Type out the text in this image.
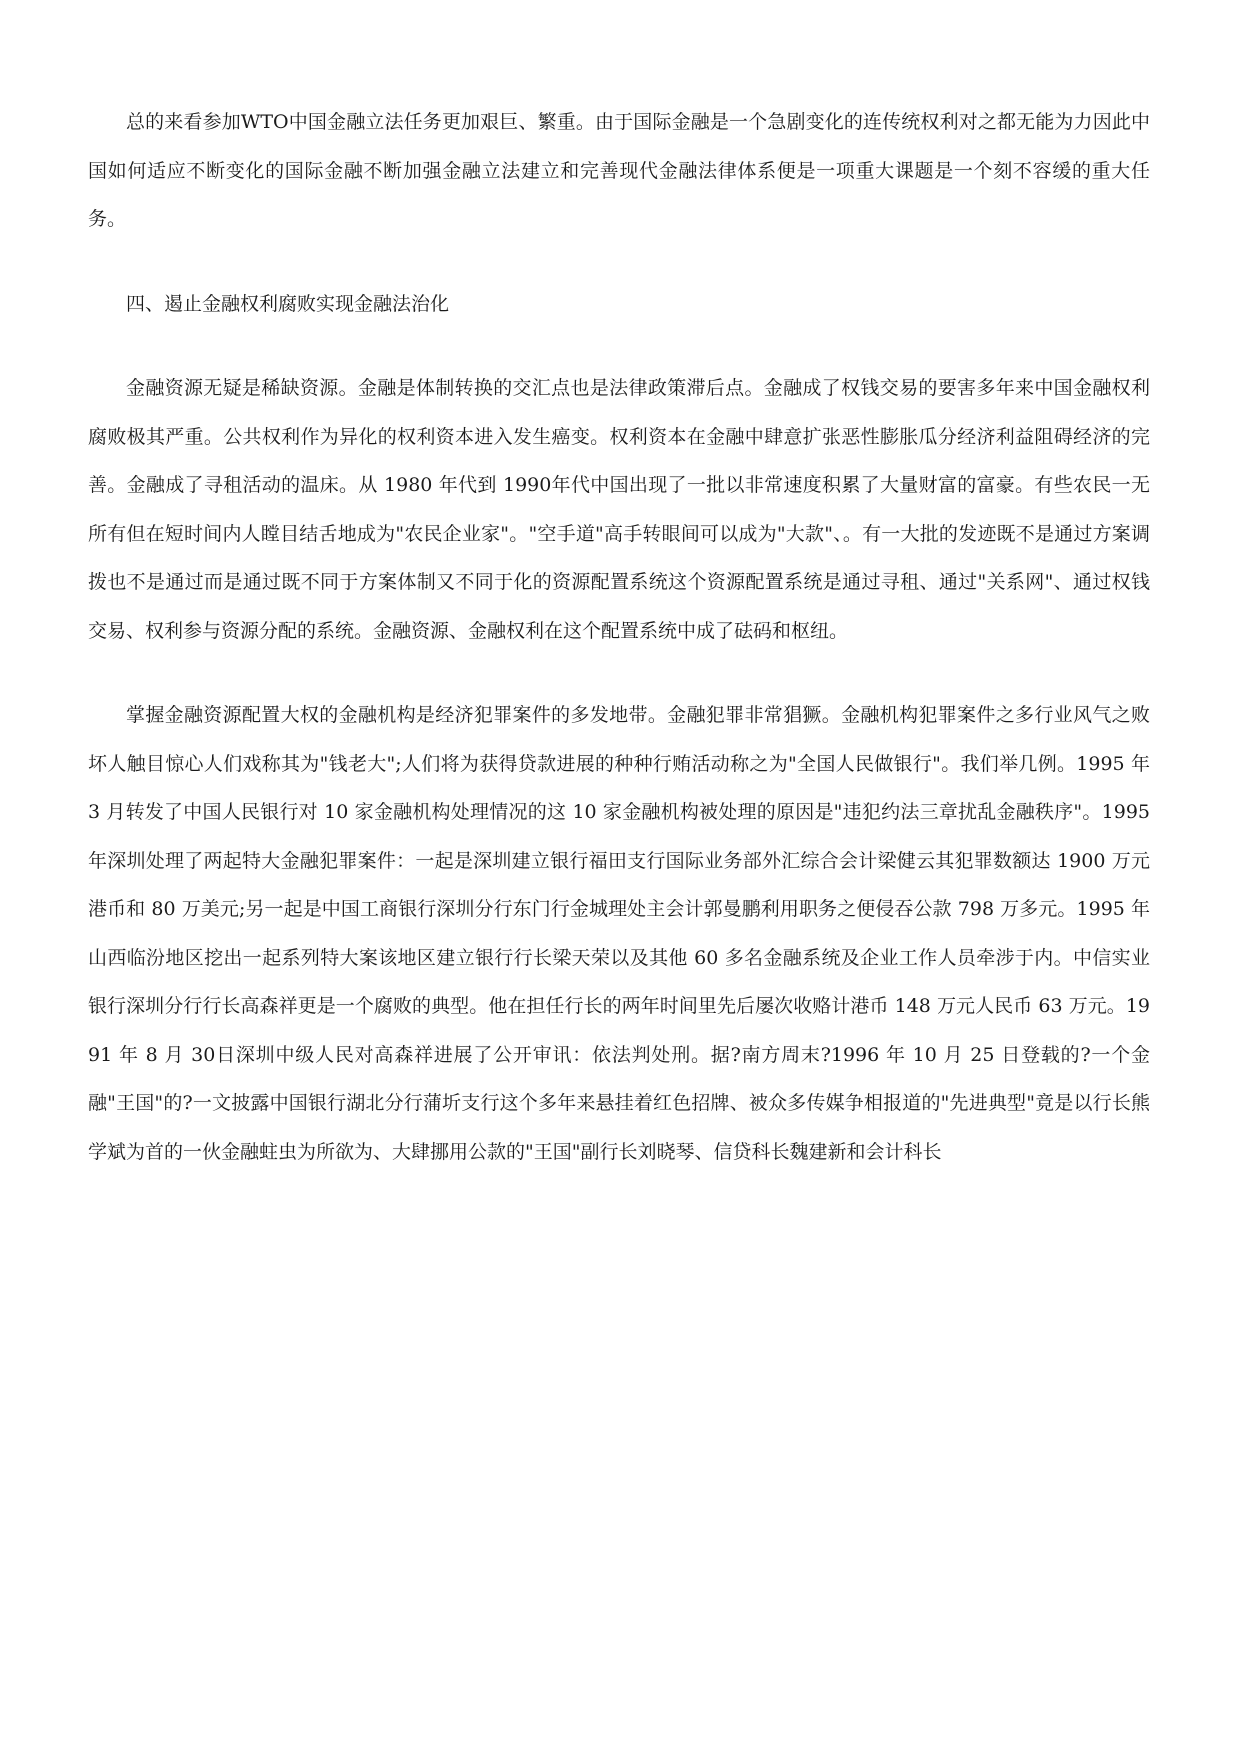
总的来看参加WTO中国金融立法任务更加艰巨、繁重。由于国际金融是一个急剧变化的连传统权利对之都无能为力因此中国如何适应不断变化的国际金融不断加强金融立法建立和完善现代金融法律体系便是一项重大课题是一个刻不容缓的重大任务。

四、遏止金融权利腐败实现金融法治化

金融资源无疑是稀缺资源。金融是体制转换的交汇点也是法律政策滞后点。金融成了权钱交易的要害多年来中国金融权利腐败极其严重。公共权利作为异化的权利资本进入发生癌变。权利资本在金融中肆意扩张恶性膨胀瓜分经济利益阻碍经济的完善。金融成了寻租活动的温床。从 1980 年代到 1990年代中国出现了一批以非常速度积累了大量财富的富豪。有些农民一无所有但在短时间内人瞠目结舌地成为"农民企业家"。"空手道"高手转眼间可以成为"大款"、。有一大批的发迹既不是通过方案调拨也不是通过而是通过既不同于方案体制又不同于化的资源配置系统这个资源配置系统是通过寻租、通过"关系网"、通过权钱交易、权利参与资源分配的系统。金融资源、金融权利在这个配置系统中成了砝码和枢纽。

掌握金融资源配置大权的金融机构是经济犯罪案件的多发地带。金融犯罪非常猖獗。金融机构犯罪案件之多行业风气之败坏人触目惊心人们戏称其为"钱老大";人们将为获得贷款进展的种种行贿活动称之为"全国人民做银行"。我们举几例。1995 年 3 月转发了中国人民银行对 10 家金融机构处理情况的这 10 家金融机构被处理的原因是"违犯约法三章扰乱金融秩序"。1995 年深圳处理了两起特大金融犯罪案件：一起是深圳建立银行福田支行国际业务部外汇综合会计梁健云其犯罪数额达 1900 万元港币和 80 万美元;另一起是中国工商银行深圳分行东门行金城理处主会计郭曼鹏利用职务之便侵吞公款 798 万多元。1995 年山西临汾地区挖出一起系列特大案该地区建立银行行长梁天荣以及其他 60 多名金融系统及企业工作人员牵涉于内。中信实业银行深圳分行行长高森祥更是一个腐败的典型。他在担任行长的两年时间里先后屡次收赂计港币 148 万元人民币 63 万元。1991 年 8 月 30日深圳中级人民对高森祥进展了公开审讯：依法判处刑。据?南方周末?1996 年 10 月 25 日登载的?一个金融"王国"的?一文披露中国银行湖北分行蒲圻支行这个多年来悬挂着红色招牌、被众多传媒争相报道的"先进典型"竟是以行长熊学斌为首的一伙金融蛀虫为所欲为、大肆挪用公款的"王国"副行长刘晓琴、信贷科长魏建新和会计科长
